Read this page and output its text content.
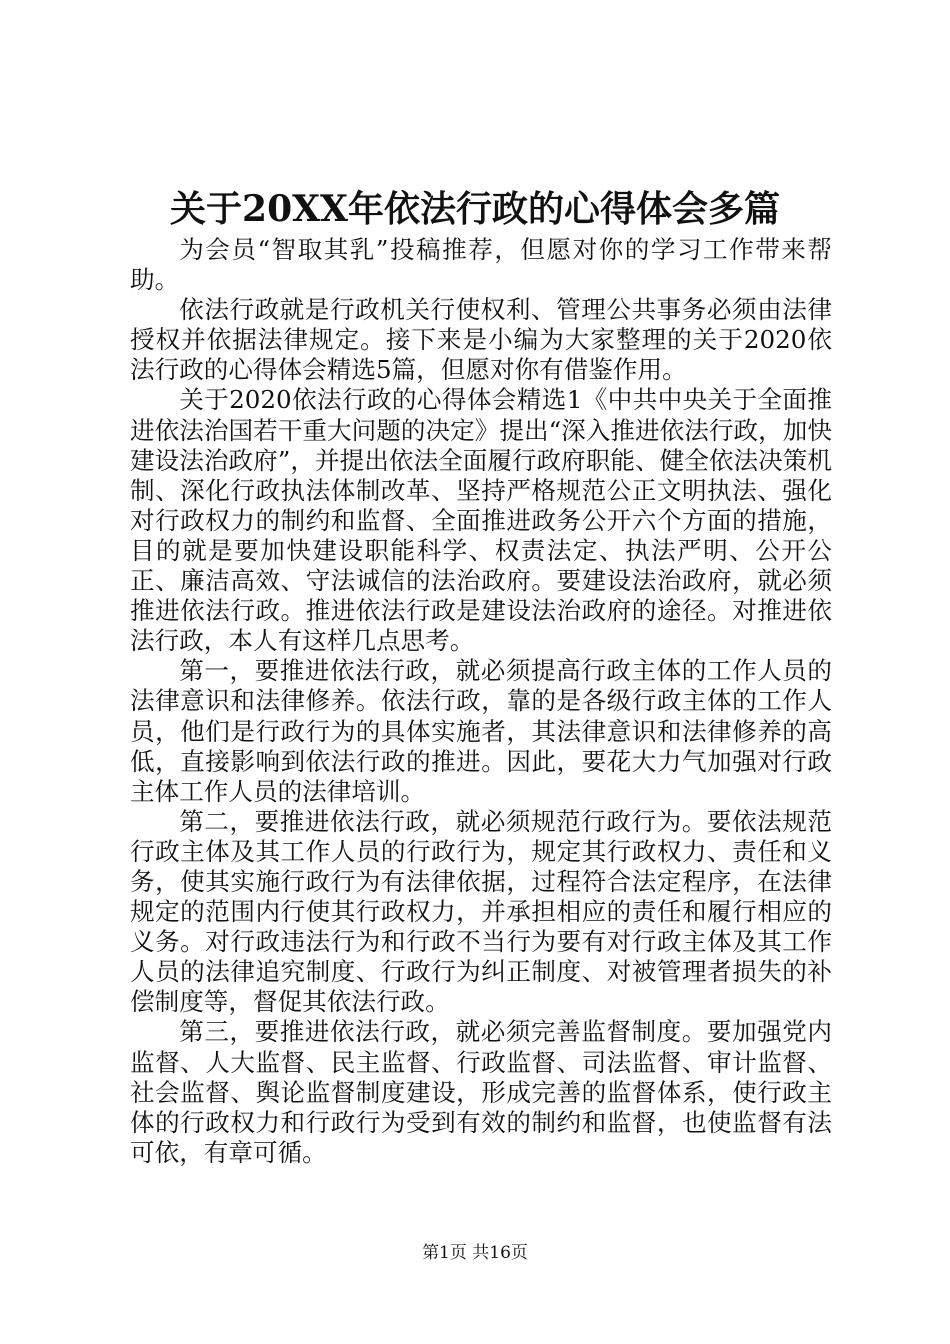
关于20XX年依法行政的心得体会多篇

为会员“智取其乳”投稿推荐，但愿对你的学习工作带来帮助。

依法行政就是行政机关行使权利、管理公共事务必须由法律授权并依据法律规定。接下来是小编为大家整理的关于2020依法行政的心得体会精选5篇，但愿对你有借鉴作用。

关于2020依法行政的心得体会精选1《中共中央关于全面推进依法治国若干重大问题的决定》提出“深入推进依法行政，加快建设法治政府”，并提出依法全面履行政府职能、健全依法决策机制、深化行政执法体制改革、坚持严格规范公正文明执法、强化对行政权力的制约和监督、全面推进政务公开六个方面的措施，目的就是要加快建设职能科学、权责法定、执法严明、公开公正、廉洁高效、守法诚信的法治政府。要建设法治政府，就必须推进依法行政。推进依法行政是建设法治政府的途径。对推进依法行政，本人有这样几点思考。

第一，要推进依法行政，就必须提高行政主体的工作人员的法律意识和法律修养。依法行政，靠的是各级行政主体的工作人员，他们是行政行为的具体实施者，其法律意识和法律修养的高低，直接影响到依法行政的推进。因此，要花大力气加强对行政主体工作人员的法律培训。

第二，要推进依法行政，就必须规范行政行为。要依法规范行政主体及其工作人员的行政行为，规定其行政权力、责任和义务，使其实施行政行为有法律依据，过程符合法定程序，在法律规定的范围内行使其行政权力，并承担相应的责任和履行相应的义务。对行政违法行为和行政不当行为要有对行政主体及其工作人员的法律追究制度、行政行为纠正制度、对被管理者损失的补偿制度等，督促其依法行政。

第三，要推进依法行政，就必须完善监督制度。要加强党内监督、人大监督、民主监督、行政监督、司法监督、审计监督、社会监督、舆论监督制度建设，形成完善的监督体系，使行政主体的行政权力和行政行为受到有效的制约和监督，也使监督有法可依，有章可循。

第1页 共16页
